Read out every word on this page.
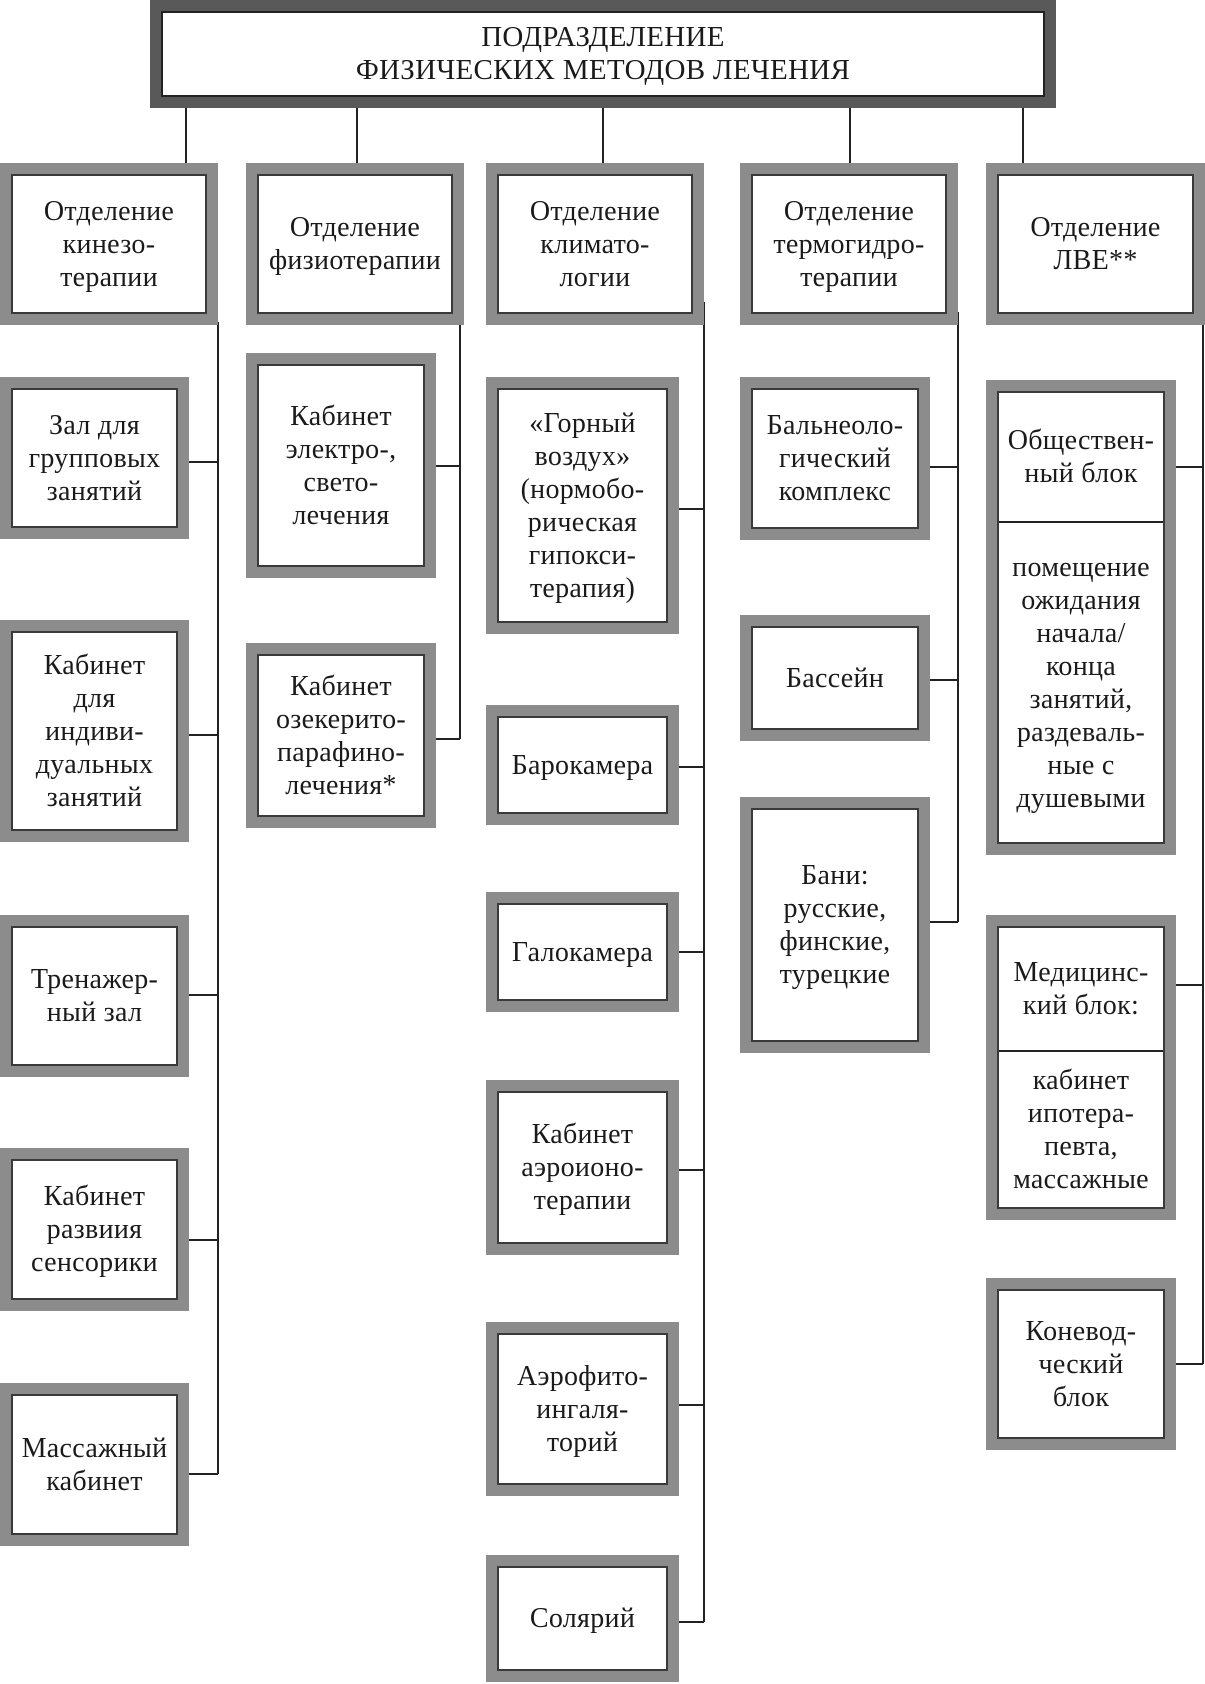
ПОДРАЗДЕЛЕНИЕ
ФИЗИЧЕСКИХ МЕТОДОВ ЛЕЧЕНИЯ
Отделение
кинезо-
терапии
Зал для
групповых
занятий
Кабинет
для
индиви-
дуальных
занятий
Тренажер-
ный зал
Кабинет
развиия
сенсорики
Массажный
кабинет
Отделение
физиотерапии
Кабинет
электро-,
свето-
лечения
Кабинет
озекерито-
парафино-
лечения*
Отделение
климато-
логии
«Горный
воздух»
(нормобо-
рическая
гипокси-
терапия)
Барокамера
Галокамера
Кабинет
аэроионо-
терапии
Аэрофито-
ингаля-
торий
Солярий
Отделение
термогидро-
терапии
Бальнеоло-
гический
комплекс
Бассейн
Бани:
русские,
финские,
турецкие
Отделение
ЛВЕ**
Обществен-
ный блок
помещение
ожидания
начала/
конца
занятий,
раздеваль-
ные с
душевыми
Медицинс-
кий блок:
кабинет
ипотера-
певта,
массажные
Коневод-
ческий
блок
